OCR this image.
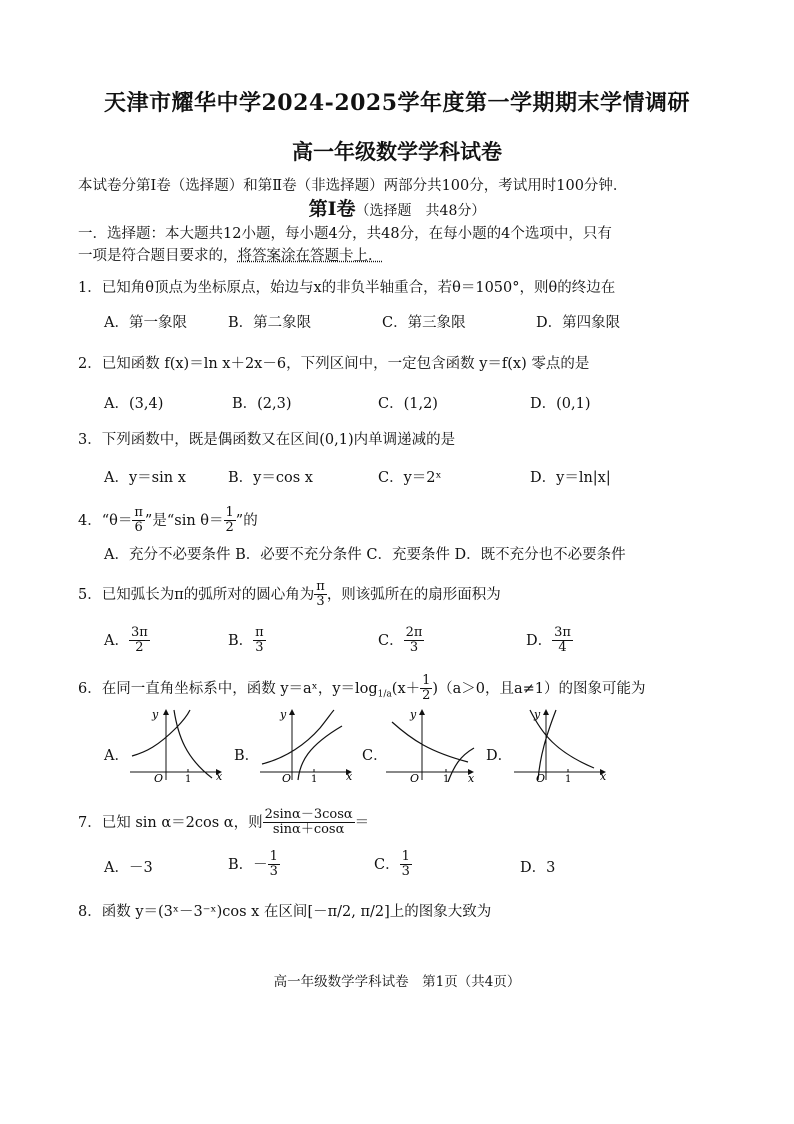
天津市耀华中学2024-2025学年度第一学期期末学情调研
高一年级数学学科试卷
本试卷分第Ⅰ卷（选择题）和第Ⅱ卷（非选择题）两部分共100分，考试用时100分钟．
第Ⅰ卷（选择题　共48分）
一．选择题：本大题共12小题，每小题4分，共48分，在每小题的4个选项中，只有
一项是符合题目要求的，将答案涂在答题卡上．
1．已知角θ顶点为坐标原点，始边与x的非负半轴重合，若θ＝1050°，则θ的终边在
A．第一象限	B．第二象限	C．第三象限	D．第四象限
2．已知函数 f(x)＝ln x＋2x－6，下列区间中，一定包含函数 y＝f(x) 零点的是
A．(3,4)	B．(2,3)	C．(1,2)	D．(0,1)
3．下列函数中，既是偶函数又在区间(0,1)内单调递减的是
A．y＝sin x	B．y＝cos x	C．y＝2ˣ	D．y＝ln|x|
4．“$\theta= \frac{\pi}{6}$ ”是“sin $\theta= \frac{1}{2}$ ”的
A．充分不必要条件 B．必要不充分条件 C．充要条件 D．既不充分也不必要条件
5．已知弧长为π的弧所对的圆心角为 $\frac{\pi}{3}$ ，则该弧所在的扇形面积为
A． $\frac{3\pi}{2}$	B． $\frac{\pi}{3}$	C． $\frac{2\pi}{3}$	D． $\frac{3\pi}{4}$
6．在同一直角坐标系中，函数 y＝aˣ，$y=\log_{1/a}(x+ \frac{1}{2} )(a>0$，且a≠1）的图象可能为
A．	B．	C．	D．
y
x
O 1
y
x
O 1
y
x
O 1
y
x
O 1
7．已知 sin α＝2cos α，则 $\frac{2\sin\alpha-3\cos\alpha}{\sin\alpha+\cos\alpha}$ ＝
A．－3	B．－ $\frac{1}{3}$	C． $\frac{1}{3}$	D．3
8．函数 y＝(3ˣ－3⁻ˣ)cos x 在区间[－π/2, π/2]上的图象大致为
高一年级数学学科试卷　第1页（共4页）
